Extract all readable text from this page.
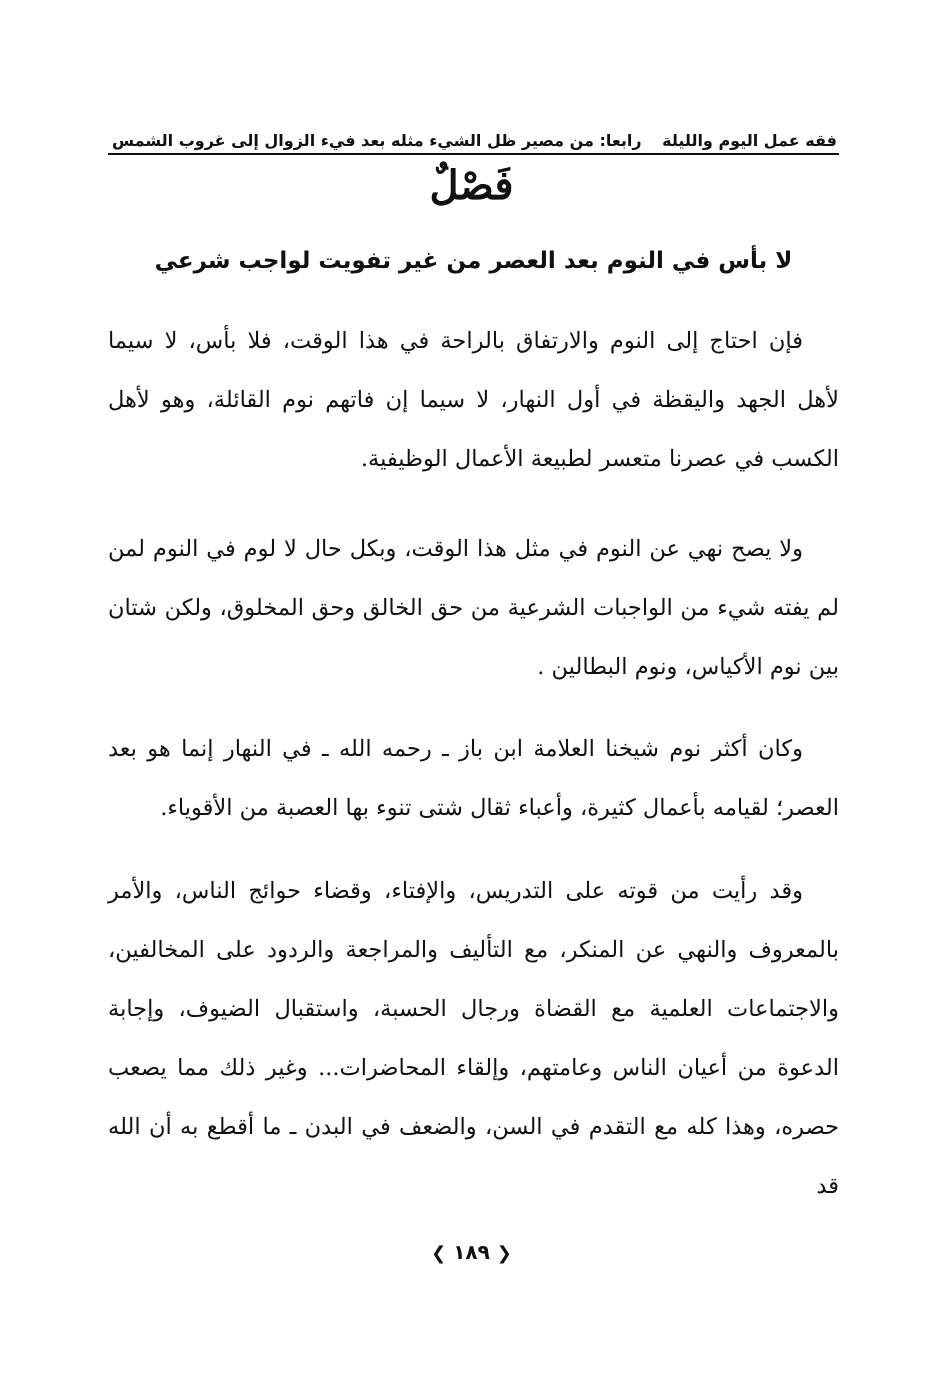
فقه عمل اليوم والليلة
رابعا: من مصير ظل الشيء مثله بعد فيء الزوال إلى غروب الشمس
فَصْلٌ
لا بأس في النوم بعد العصر من غير تفويت لواجب شرعي

فإن احتاج إلى النوم والارتفاق بالراحة في هذا الوقت، فلا بأس، لا سيما لأهل الجهد واليقظة في أول النهار، لا سيما إن فاتهم نوم القائلة، وهو لأهل الكسب في عصرنا متعسر لطبيعة الأعمال الوظيفية.

ولا يصح نهي عن النوم في مثل هذا الوقت، وبكل حال لا لوم في النوم لمن لم يفته شيء من الواجبات الشرعية من حق الخالق وحق المخلوق، ولكن شتان بين نوم الأكياس، ونوم البطالين .

وكان أكثر نوم شيخنا العلامة ابن باز ـ رحمه الله ـ في النهار إنما هو بعد العصر؛ لقيامه بأعمال كثيرة، وأعباء ثقال شتى تنوء بها العصبة من الأقوياء.

وقد رأيت من قوته على التدريس، والإفتاء، وقضاء حوائج الناس، والأمر بالمعروف والنهي عن المنكر، مع التأليف والمراجعة والردود على المخالفين، والاجتماعات العلمية مع القضاة ورجال الحسبة، واستقبال الضيوف، وإجابة الدعوة من أعيان الناس وعامتهم، وإلقاء المحاضرات... وغير ذلك مما يصعب حصره، وهذا كله مع التقدم في السن، والضعف في البدن ـ ما أقطع به أن الله قد

❮ ١٨٩ ❯
